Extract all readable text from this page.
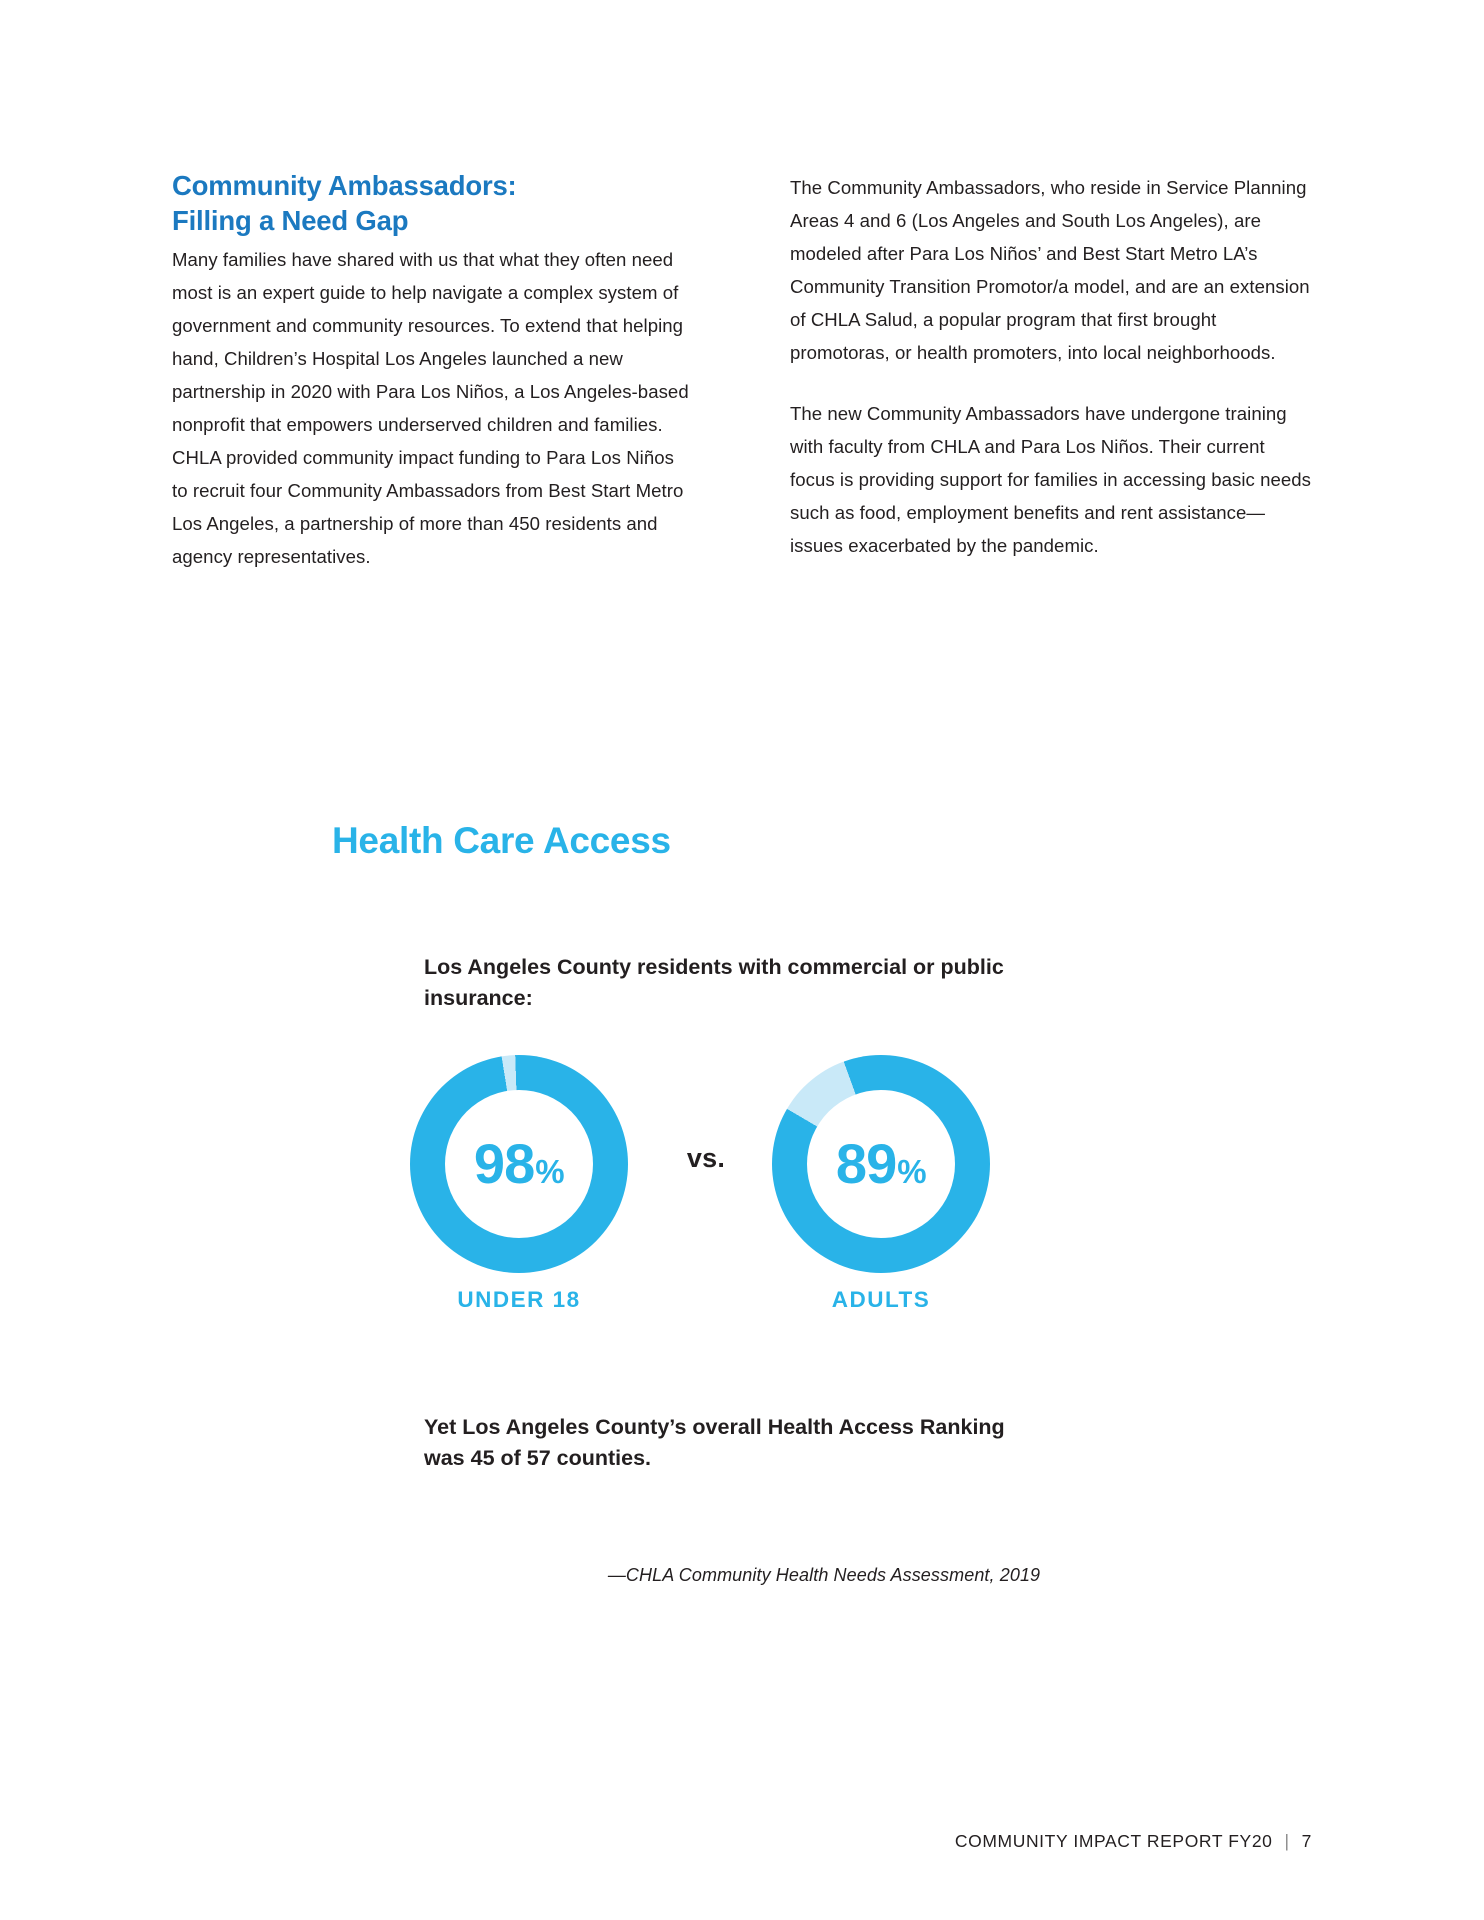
Community Ambassadors:
Filling a Need Gap

Many families have shared with us that what they often need most is an expert guide to help navigate a complex system of government and community resources. To extend that helping hand, Children’s Hospital Los Angeles launched a new partnership in 2020 with Para Los Niños, a Los Angeles-based nonprofit that empowers underserved children and families. CHLA provided community impact funding to Para Los Niños to recruit four Community Ambassadors from Best Start Metro Los Angeles, a partnership of more than 450 residents and agency representatives.

The Community Ambassadors, who reside in Service Planning Areas 4 and 6 (Los Angeles and South Los Angeles), are modeled after Para Los Niños’ and Best Start Metro LA’s Community Transition Promotor/a model, and are an extension of CHLA Salud, a popular program that first brought promotoras, or health promoters, into local neighborhoods.

The new Community Ambassadors have undergone training with faculty from CHLA and Para Los Niños. Their current focus is providing support for families in accessing basic needs such as food, employment benefits and rent assistance—issues exacerbated by the pandemic.

Health Care Access
Los Angeles County residents with commercial or public insurance:
98 %
UNDER 18
vs.	89 %
ADULTS
Yet Los Angeles County’s overall Health Access Ranking was 45 of 57 counties.
—CHLA Community Health Needs Assessment, 2019
COMMUNITY IMPACT REPORT FY20 | 7
